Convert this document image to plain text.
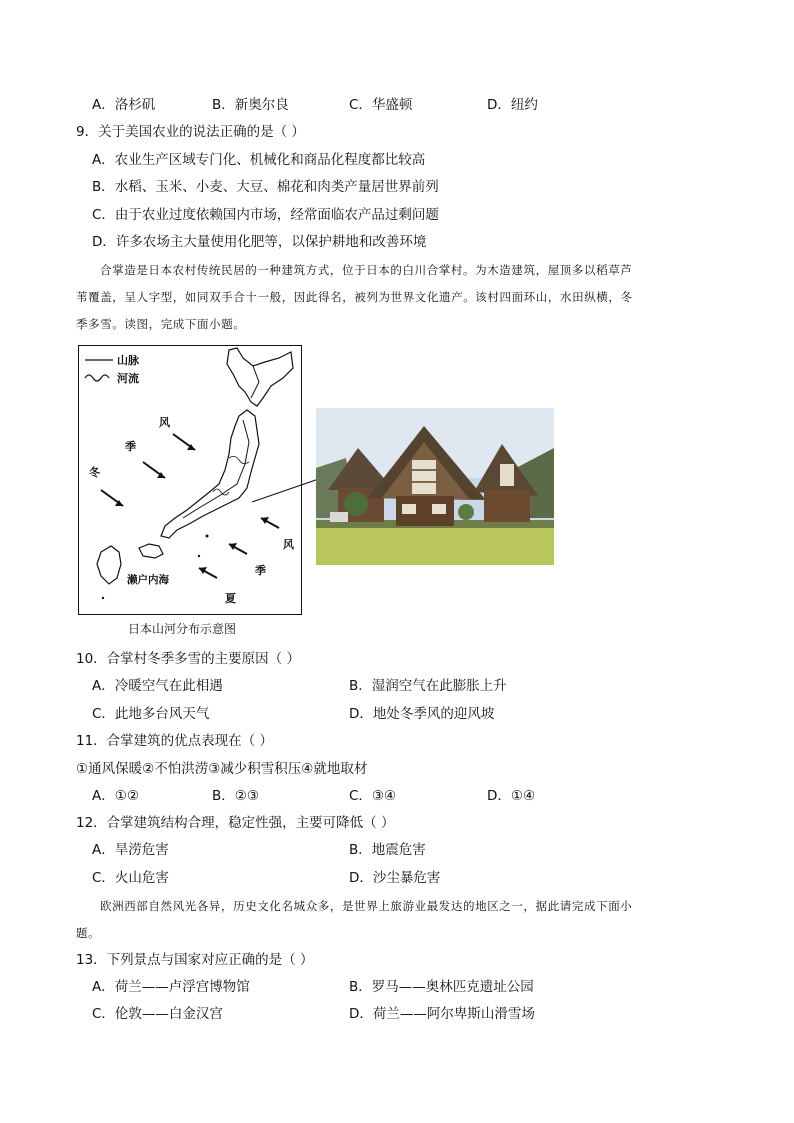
A．洛杉矶	B．新奥尔良	C．华盛顿	D．纽约
9．关于美国农业的说法正确的是（ ）
A．农业生产区域专门化、机械化和商品化程度都比较高
B．水稻、玉米、小麦、大豆、棉花和肉类产量居世界前列
C．由于农业过度依赖国内市场，经常面临农产品过剩问题
D．许多农场主大量使用化肥等，以保护耕地和改善环境
合掌造是日本农村传统民居的一种建筑方式，位于日本的白川合掌村。为木造建筑，屋顶多以稻草芦
苇覆盖，呈人字型，如同双手合十一般，因此得名，被列为世界文化遗产。该村四面环山，水田纵横，冬
季多雪。读图，完成下面小题。
山脉
河流
冬
季
风
夏
季
风
濑户内海
日本山河分布示意图
10．合掌村冬季多雪的主要原因（ ）
A．冷暖空气在此相遇	B．湿润空气在此膨胀上升
C．此地多台风天气	D．地处冬季风的迎风坡
11．合掌建筑的优点表现在（ ）
①通风保暖②不怕洪涝③减少积雪积压④就地取材
A．①②	B．②③	C．③④	D．①④
12．合掌建筑结构合理，稳定性强，主要可降低（ ）
A．旱涝危害	B．地震危害
C．火山危害	D．沙尘暴危害
欧洲西部自然风光各异，历史文化名城众多，是世界上旅游业最发达的地区之一，据此请完成下面小
题。
13．下列景点与国家对应正确的是（ ）
A．荷兰——卢浮宫博物馆	B．罗马——奥林匹克遗址公园
C．伦敦——白金汉宫	D．荷兰——阿尔卑斯山滑雪场
